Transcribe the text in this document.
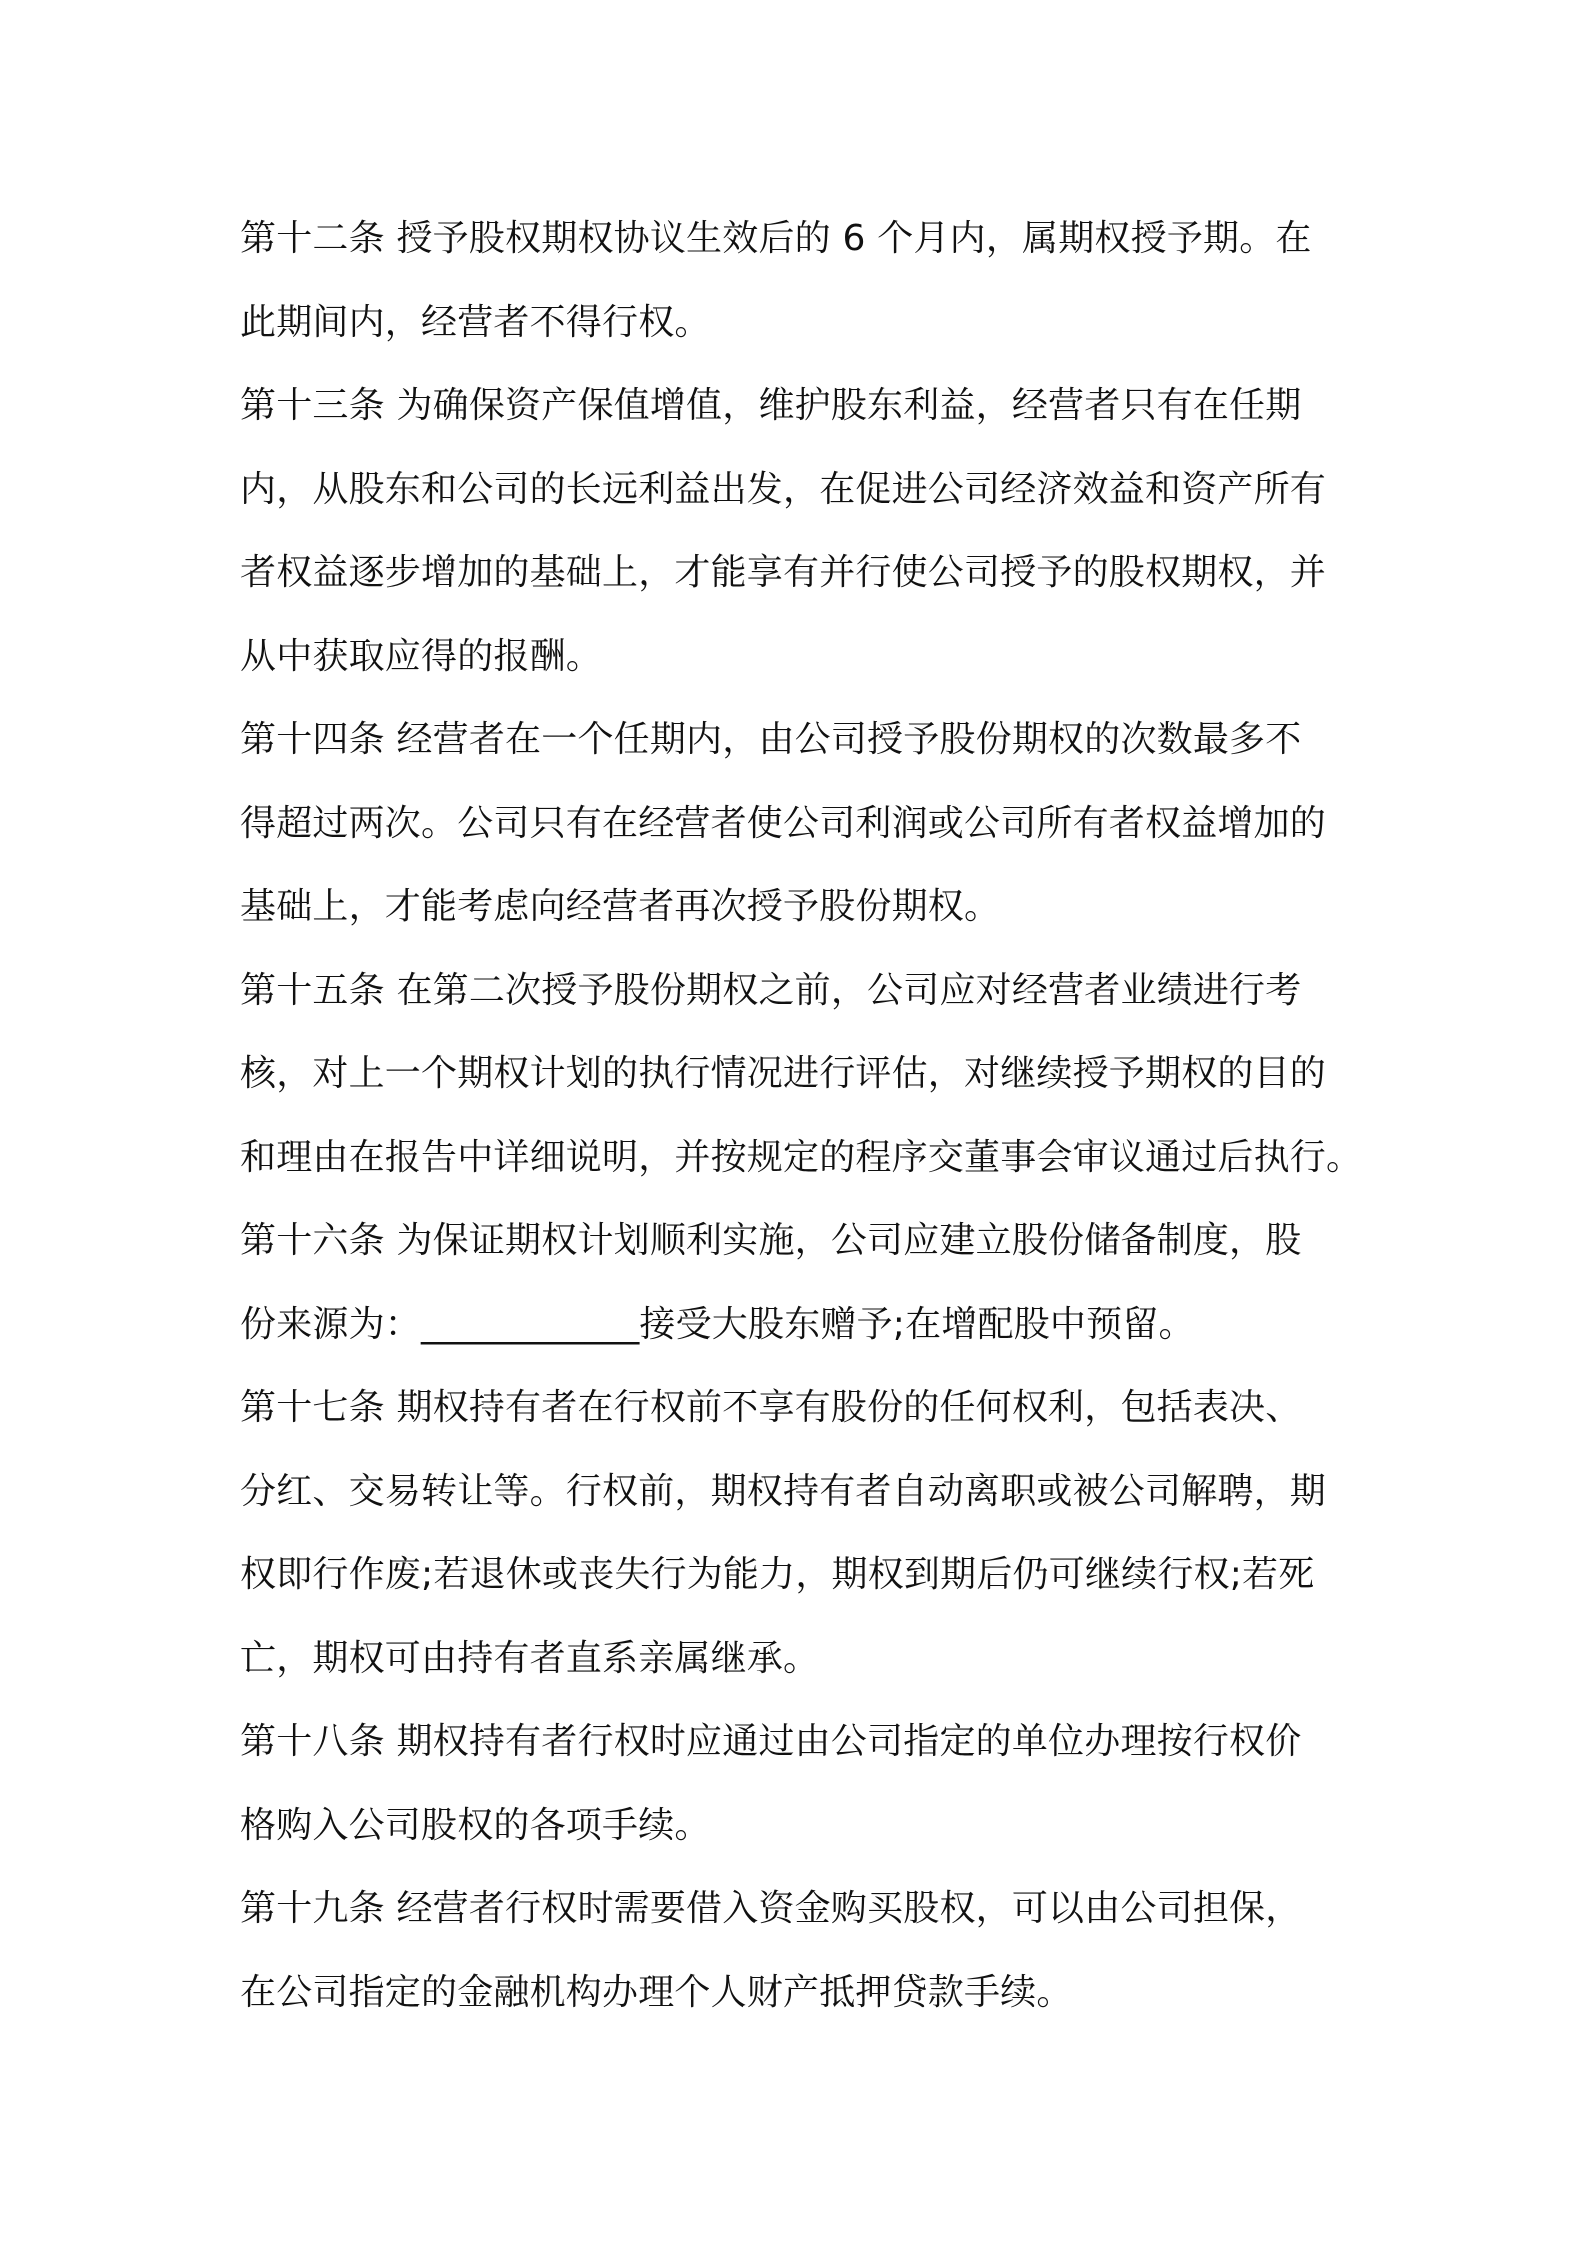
第十二条 授予股权期权协议生效后的 6 个月内，属期权授予期。在
此期间内，经营者不得行权。
第十三条 为确保资产保值增值，维护股东利益，经营者只有在任期
内，从股东和公司的长远利益出发，在促进公司经济效益和资产所有
者权益逐步增加的基础上，才能享有并行使公司授予的股权期权，并
从中获取应得的报酬。
第十四条 经营者在一个任期内，由公司授予股份期权的次数最多不
得超过两次。公司只有在经营者使公司利润或公司所有者权益增加的
基础上，才能考虑向经营者再次授予股份期权。
第十五条 在第二次授予股份期权之前，公司应对经营者业绩进行考
核，对上一个期权计划的执行情况进行评估，对继续授予期权的目的
和理由在报告中详细说明，并按规定的程序交董事会审议通过后执行。
第十六条 为保证期权计划顺利实施，公司应建立股份储备制度，股
份来源为：____________接受大股东赠予;在增配股中预留。
第十七条 期权持有者在行权前不享有股份的任何权利，包括表决、
分红、交易转让等。行权前，期权持有者自动离职或被公司解聘，期
权即行作废;若退休或丧失行为能力，期权到期后仍可继续行权;若死
亡，期权可由持有者直系亲属继承。
第十八条 期权持有者行权时应通过由公司指定的单位办理按行权价
格购入公司股权的各项手续。
第十九条 经营者行权时需要借入资金购买股权，可以由公司担保，
在公司指定的金融机构办理个人财产抵押贷款手续。
